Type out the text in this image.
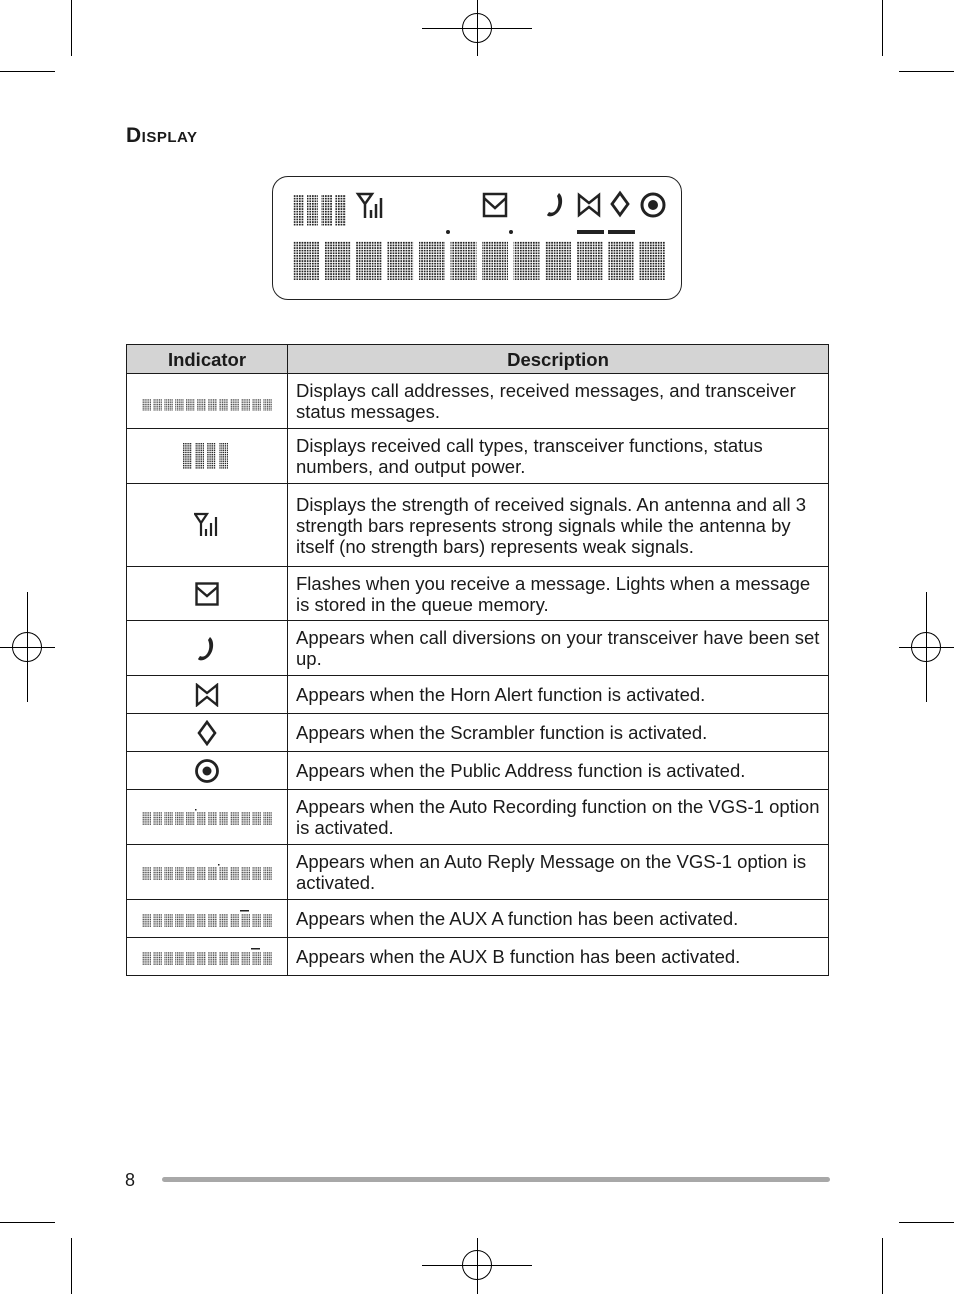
Display
Indicator	Description
	Displays call addresses, received messages, and transceiver status messages.
	Displays received call types, transceiver functions, status numbers, and output power.
	Displays the strength of received signals. An antenna and all 3 strength bars represents strong signals while the antenna by itself (no strength bars) represents weak signals.
	Flashes when you receive a message. Lights when a message is stored in the queue memory.
	Appears when call diversions on your transceiver have been set up.
	Appears when the Horn Alert function is activated.
	Appears when the Scrambler function is activated.
	Appears when the Public Address function is activated.
	Appears when the Auto Recording function on the VGS-1 option is activated.
	Appears when an Auto Reply Message on the VGS-1 option is activated.
	Appears when the AUX A function has been activated.
	Appears when the AUX B function has been activated.
8
